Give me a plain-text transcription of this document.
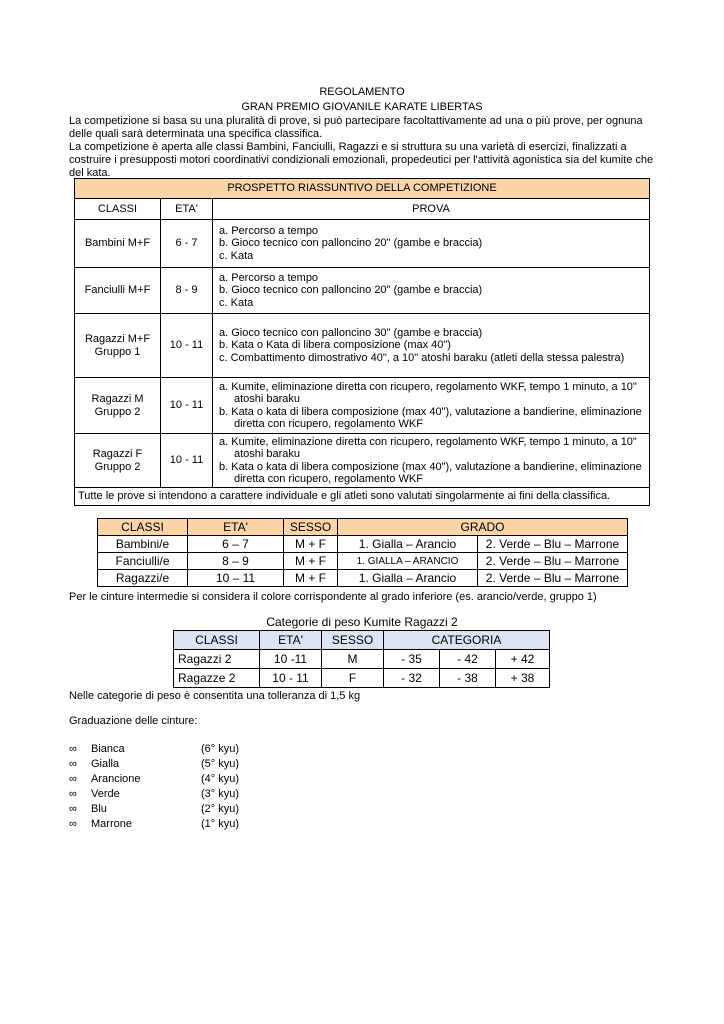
REGOLAMENTO
GRAN PREMIO GIOVANILE KARATE LIBERTAS
La competizione si basa su una pluralità di prove, si può partecipare facoltattivamente ad una o più prove, per ognuna delle quali sarà determinata una specifica classifica.
La competizione è aperta alle classi Bambini, Fanciulli, Ragazzi e si struttura su una varietà di esercizi, finalizzati a costruire i presupposti motori coordinativi condizionali emozionali, propedeutici per l'attività agonistica sia del kumite che del kata.
PROSPETTO RIASSUNTIVO DELLA COMPETIZIONE		
CLASSI	ETA'	PROVA
Bambini M+F	6 - 7	a. Percorso a tempo
b. Gioco tecnico con palloncino 20" (gambe e braccia)
c. Kata

Fanciulli M+F	8 - 9	a. Percorso a tempo
b. Gioco tecnico con palloncino 20" (gambe e braccia)
c. Kata

Ragazzi M+F Gruppo 1	10 - 11	a. Gioco tecnico con palloncino 30" (gambe e braccia)
b. Kata o Kata di libera composizione (max 40")
c. Combattimento dimostrativo 40", a 10" atoshi baraku (atleti della stessa palestra)

Ragazzi M Gruppo 2	10 - 11	a. Kumite, eliminazione diretta con ricupero, regolamento WKF, tempo 1 minuto, a 10" atoshi baraku
b. Kata o kata di libera composizione (max 40"), valutazione a bandierine, eliminazione diretta con ricupero, regolamento WKF

Ragazzi F Gruppo 2	10 - 11	a. Kumite, eliminazione diretta con ricupero, regolamento WKF, tempo 1 minuto, a 10" atoshi baraku
b. Kata o kata di libera composizione (max 40"), valutazione a bandierine, eliminazione diretta con ricupero, regolamento WKF

Tutte le prove si intendono a carattere individuale e gli atleti sono valutati singolarmente ai fini della classifica.		
CLASSI	ETA'	SESSO	GRADO	
Bambini/e	6 – 7	M + F	1. Gialla – Arancio	2. Verde – Blu – Marrone
Fanciulli/e	8 – 9	M + F	1. GIALLA – ARANCIO	2. Verde – Blu – Marrone
Ragazzi/e	10 – 11	M + F	1. Gialla – Arancio	2. Verde – Blu – Marrone
Per le cinture intermedie si considera il colore corrispondente al grado inferiore (es. arancio/verde, gruppo 1)
Categorie di peso Kumite Ragazzi 2
CLASSI	ETA'	SESSO	CATEGORIA		
Ragazzi 2	10 -11	M	- 35	- 42	+ 42
Ragazze 2	10 - 11	F	- 32	- 38	+ 38
Nelle categorie di peso è consentita una tolleranza di 1,5 kg
Graduazione delle cinture:
∞ Bianca	(6° kyu)
∞ Gialla	(5° kyu)
∞ Arancione	(4° kyu)
∞ Verde	(3° kyu)
∞ Blu	(2° kyu)
∞ Marrone	(1° kyu)
